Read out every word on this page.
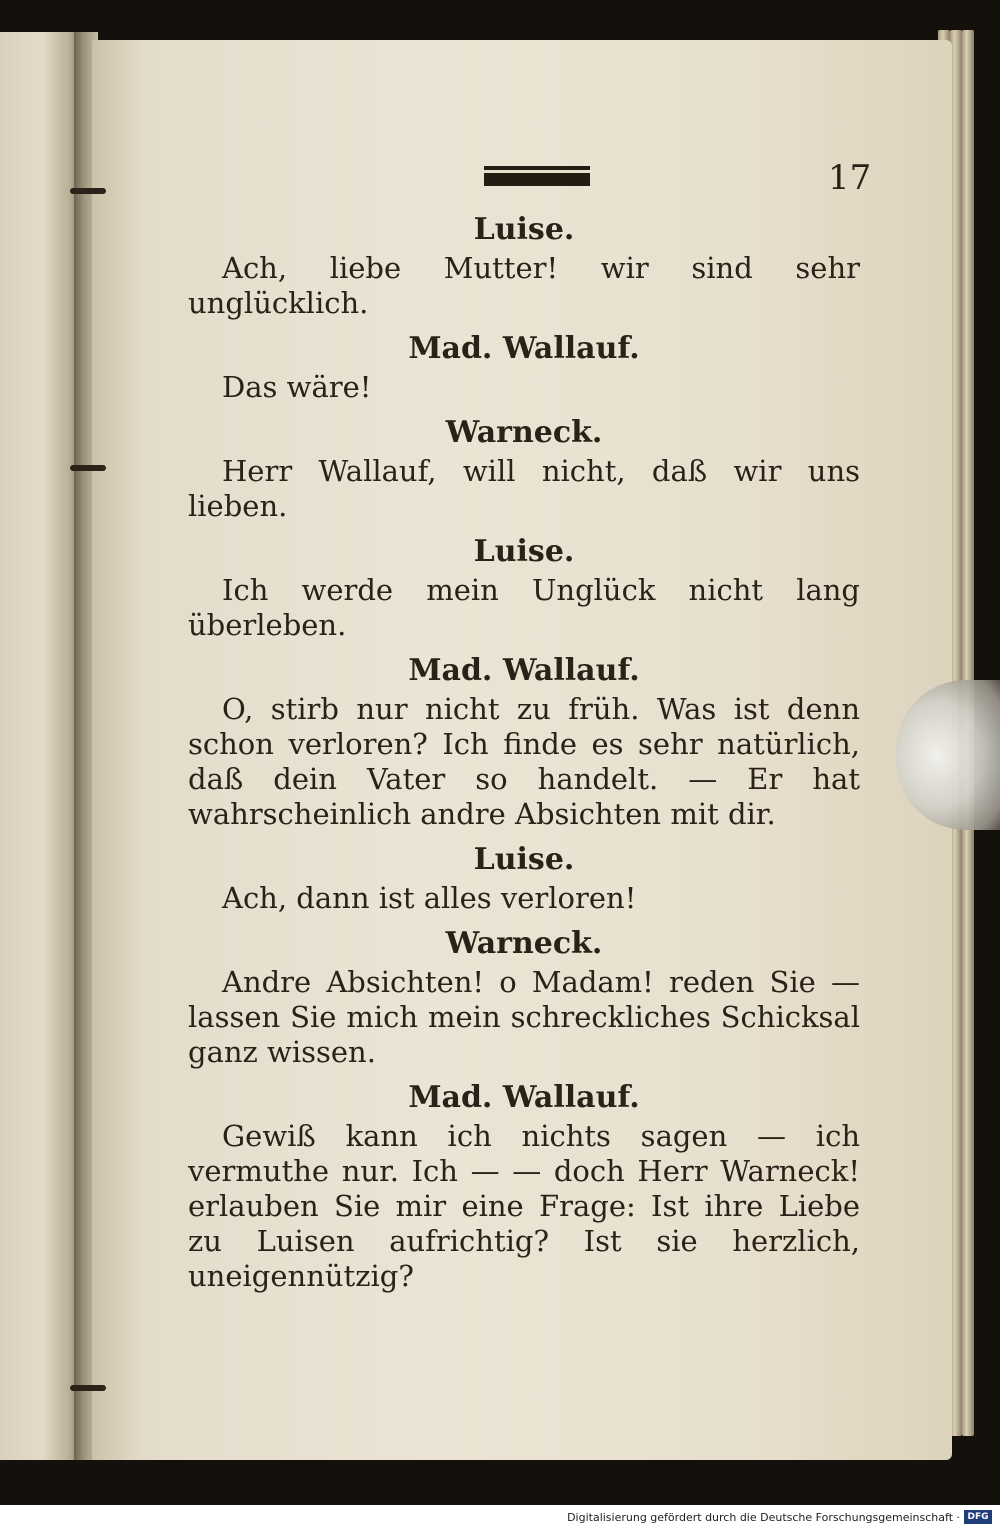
17
Luise.
Ach, liebe Mutter! wir sind sehr unglücklich.
Mad. Wallauf.
Das wäre!
Warneck.
Herr Wallauf, will nicht, daß wir uns lieben.
Luise.
Ich werde mein Unglück nicht lang überleben.
Mad. Wallauf.
O, stirb nur nicht zu früh. Was ist denn schon verloren? Ich finde es sehr natürlich, daß dein Vater so handelt. — Er hat wahrscheinlich andre Absichten mit dir.
Luise.
Ach, dann ist alles verloren!
Warneck.
Andre Absichten! o Madam! reden Sie — lassen Sie mich mein schreckliches Schicksal ganz wissen.
Mad. Wallauf.
Gewiß kann ich nichts sagen — ich vermuthe nur. Ich — — doch Herr Warneck! erlauben Sie mir eine Frage: Ist ihre Liebe zu Luisen aufrichtig? Ist sie herzlich, uneigennützig?
Digitalisierung gefördert durch die Deutsche Forschungsgemeinschaft · DFG
